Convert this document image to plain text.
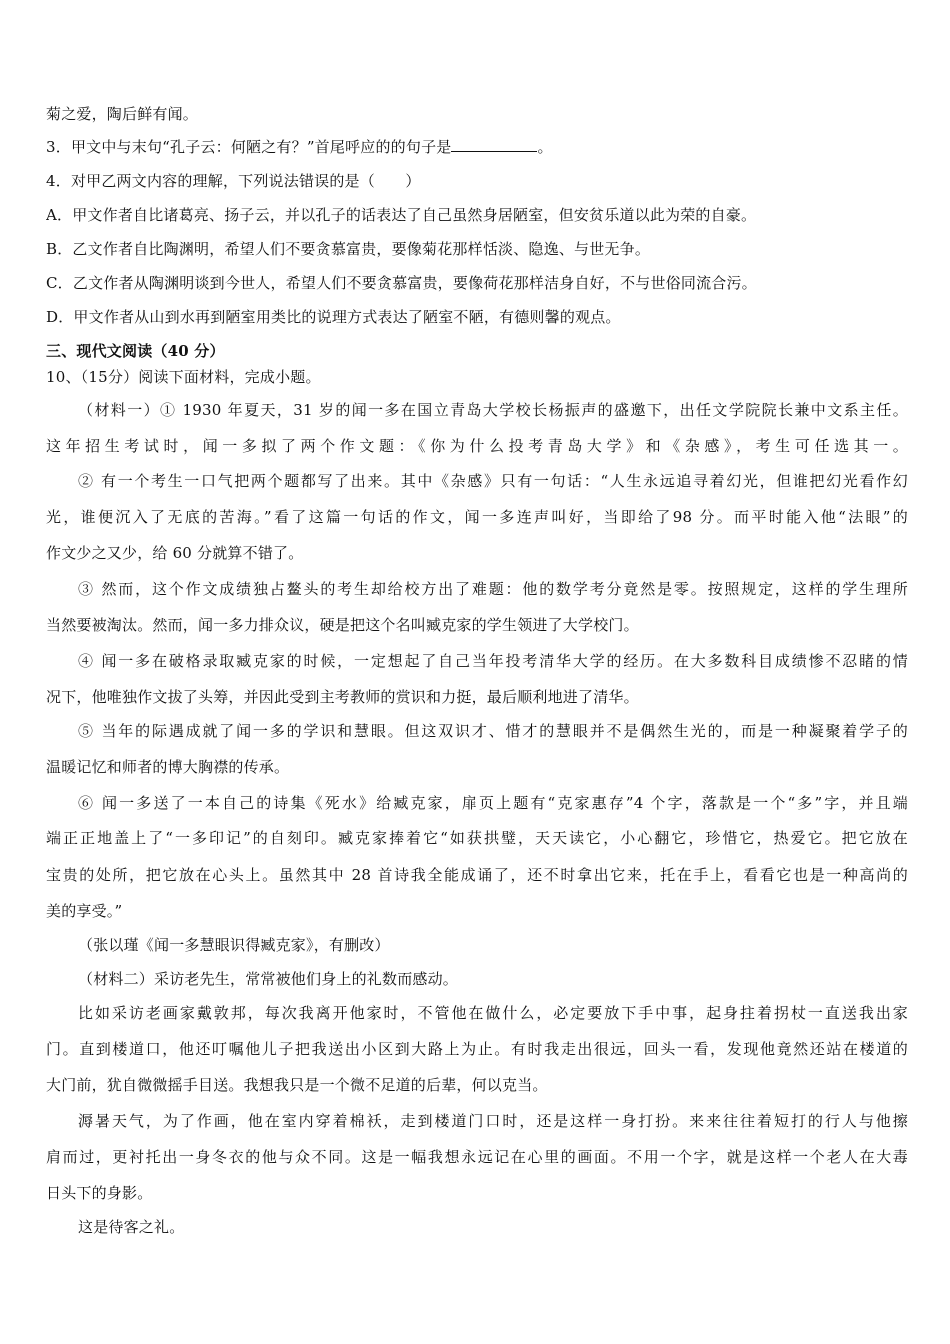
菊之爱，陶后鲜有闻。
3．甲文中与末句“孔子云：何陋之有？”首尾呼应的的句子是	。
4．对甲乙两文内容的理解，下列说法错误的是（　　）
A．甲文作者自比诸葛亮、扬子云，并以孔子的话表达了自己虽然身居陋室，但安贫乐道以此为荣的自豪。
B．乙文作者自比陶渊明，希望人们不要贪慕富贵，要像菊花那样恬淡、隐逸、与世无争。
C．乙文作者从陶渊明谈到今世人，希望人们不要贪慕富贵，要像荷花那样洁身自好，不与世俗同流合污。
D．甲文作者从山到水再到陋室用类比的说理方式表达了陋室不陋，有德则馨的观点。
三、现代文阅读（40 分）
10、（15分）阅读下面材料，完成小题。
（材料一）① 1930 年夏天，31 岁的闻一多在国立青岛大学校长杨振声的盛邀下，出任文学院院长兼中文系主任。
这年招生考试时，闻一多拟了两个作文题：《你为什么投考青岛大学》和《杂感》，考生可任选其一。
② 有一个考生一口气把两个题都写了出来。其中《杂感》只有一句话：“人生永远追寻着幻光，但谁把幻光看作幻
光，谁便沉入了无底的苦海。”看了这篇一句话的作文，闻一多连声叫好，当即给了98 分。而平时能入他“法眼”的
作文少之又少，给 60 分就算不错了。
③ 然而，这个作文成绩独占鳌头的考生却给校方出了难题：他的数学考分竟然是零。按照规定，这样的学生理所
当然要被淘汰。然而，闻一多力排众议，硬是把这个名叫臧克家的学生领进了大学校门。
④ 闻一多在破格录取臧克家的时候，一定想起了自己当年投考清华大学的经历。在大多数科目成绩惨不忍睹的情
况下，他唯独作文拔了头筹，并因此受到主考教师的赏识和力挺，最后顺利地进了清华。
⑤ 当年的际遇成就了闻一多的学识和慧眼。但这双识才、惜才的慧眼并不是偶然生光的，而是一种凝聚着学子的
温暖记忆和师者的博大胸襟的传承。
⑥ 闻一多送了一本自己的诗集《死水》给臧克家，扉页上题有“克家惠存”4 个字，落款是一个“多”字，并且端
端正正地盖上了“一多印记”的自刻印。臧克家捧着它“如获拱璧，天天读它，小心翻它，珍惜它，热爱它。把它放在
宝贵的处所，把它放在心头上。虽然其中 28 首诗我全能成诵了，还不时拿出它来，托在手上，看看它也是一种高尚的
美的享受。”
（张以瑾《闻一多慧眼识得臧克家》，有删改）
（材料二）采访老先生，常常被他们身上的礼数而感动。
比如采访老画家戴敦邦，每次我离开他家时，不管他在做什么，必定要放下手中事，起身拄着拐杖一直送我出家
门。直到楼道口，他还叮嘱他儿子把我送出小区到大路上为止。有时我走出很远，回头一看，发现他竟然还站在楼道的
大门前，犹自微微摇手目送。我想我只是一个微不足道的后辈，何以克当。
溽暑天气，为了作画，他在室内穿着棉袄，走到楼道门口时，还是这样一身打扮。来来往往着短打的行人与他擦
肩而过，更衬托出一身冬衣的他与众不同。这是一幅我想永远记在心里的画面。不用一个字，就是这样一个老人在大毒
日头下的身影。
这是待客之礼。
